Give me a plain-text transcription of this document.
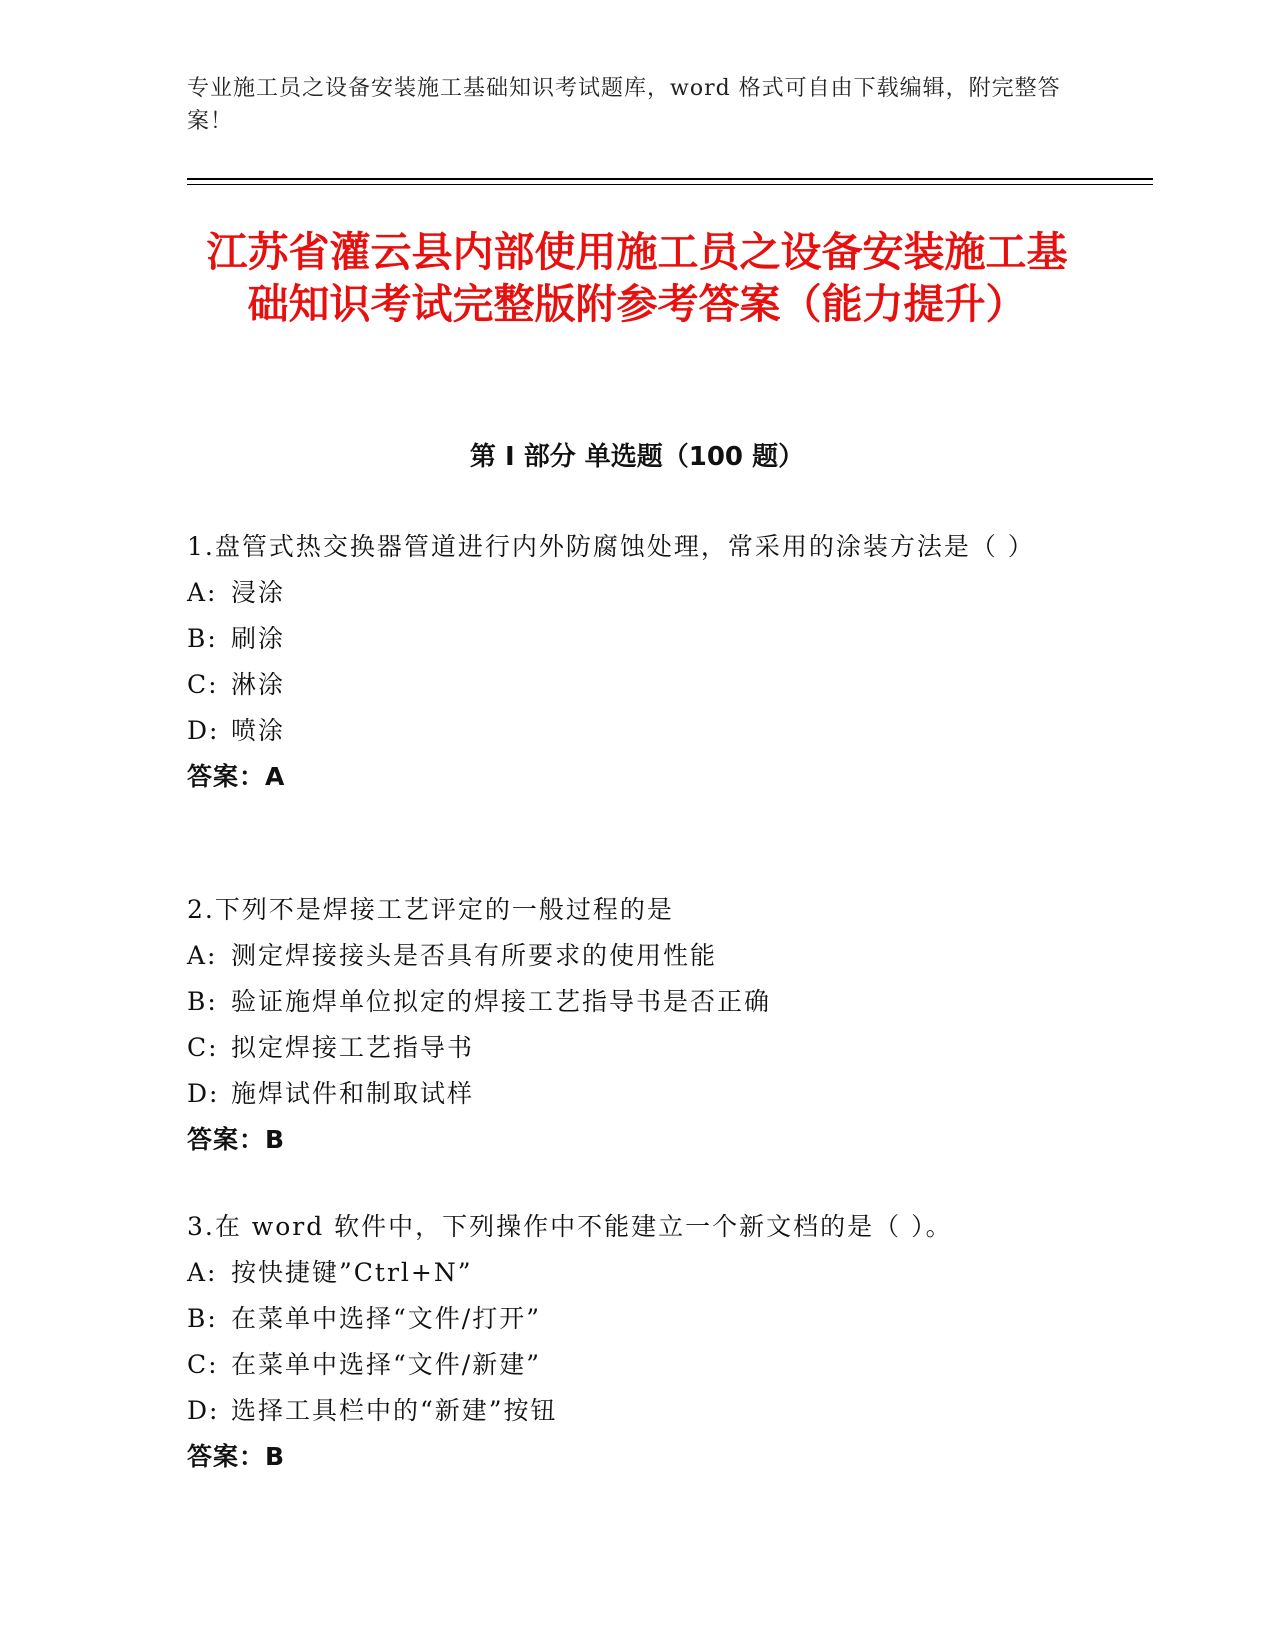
专业施工员之设备安装施工基础知识考试题库，word 格式可自由下载编辑，附完整答案！
江苏省灌云县内部使用施工员之设备安装施工基础知识考试完整版附参考答案（能力提升）
第 I 部分 单选题（100 题）
1.盘管式热交换器管道进行内外防腐蚀处理，常采用的涂装方法是（ ）
A: 浸涂
B: 刷涂
C: 淋涂
D: 喷涂
答案：A
2.下列不是焊接工艺评定的一般过程的是
A: 测定焊接接头是否具有所要求的使用性能
B: 验证施焊单位拟定的焊接工艺指导书是否正确
C: 拟定焊接工艺指导书
D: 施焊试件和制取试样
答案：B
3.在 word 软件中，下列操作中不能建立一个新文档的是（ ）。
A: 按快捷键”Ctrl+N”
B: 在菜单中选择“文件/打开”
C: 在菜单中选择“文件/新建”
D: 选择工具栏中的“新建”按钮
答案：B
